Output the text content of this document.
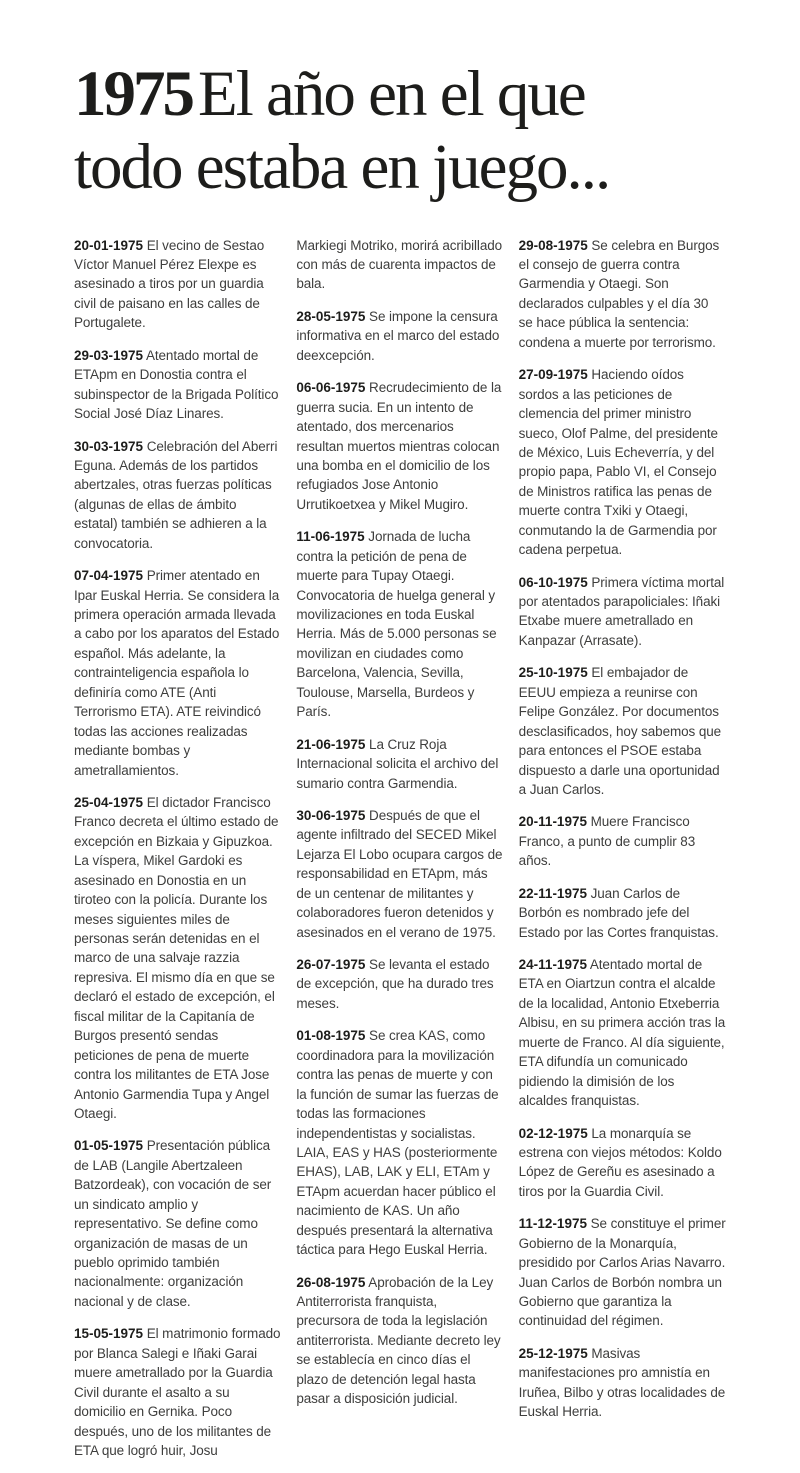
1975El año en el que
todo estaba en juego...

20-01-1975 El vecino de Sestao Víctor Manuel Pérez Elexpe es asesinado a tiros por un guardia civil de paisano en las calles de Portugalete.

29-03-1975 Atentado mortal de ETApm en Donostia contra el subinspector de la Brigada Político Social José Díaz Linares.

30-03-1975 Celebración del Aberri Eguna. Además de los partidos abertzales, otras fuerzas políticas (algunas de ellas de ámbito estatal) también se adhieren a la convocatoria.

07-04-1975 Primer atentado en Ipar Euskal Herria. Se considera la primera operación armada llevada a cabo por los aparatos del Estado español. Más adelante, la contrainteligencia española lo definiría como ATE (Anti Terrorismo ETA). ATE reivindicó todas las acciones realizadas mediante bombas y ametrallamientos.

25-04-1975 El dictador Francisco Franco decreta el último estado de excepción en Bizkaia y Gipuzkoa. La víspera, Mikel Gardoki es asesinado en Donostia en un tiroteo con la policía. Durante los meses siguientes miles de personas serán detenidas en el marco de una salvaje razzia represiva. El mismo día en que se declaró el estado de excepción, el fiscal militar de la Capitanía de Burgos presentó sendas peticiones de pena de muerte contra los militantes de ETA Jose Antonio Garmendia Tupa y Angel Otaegi.

01-05-1975 Presentación pública de LAB (Langile Abertzaleen Batzordeak), con vocación de ser un sindicato amplio y representativo. Se define como organización de masas de un pueblo oprimido también nacionalmente: organización nacional y de clase.

15-05-1975 El matrimonio formado por Blanca Salegi e Iñaki Garai muere ametrallado por la Guardia Civil durante el asalto a su domicilio en Gernika. Poco después, uno de los militantes de ETA que logró huir, Josu

Markiegi Motriko, morirá acribillado con más de cuarenta impactos de bala.

28-05-1975 Se impone la censura informativa en el marco del estado deexcepción.

06-06-1975 Recrudecimiento de la guerra sucia. En un intento de atentado, dos mercenarios resultan muertos mientras colocan una bomba en el domicilio de los refugiados Jose Antonio Urrutikoetxea y Mikel Mugiro.

11-06-1975 Jornada de lucha contra la petición de pena de muerte para Tupay Otaegi. Convocatoria de huelga general y movilizaciones en toda Euskal Herria. Más de 5.000 personas se movilizan en ciudades como Barcelona, Valencia, Sevilla, Toulouse, Marsella, Burdeos y París.

21-06-1975 La Cruz Roja Internacional solicita el archivo del sumario contra Garmendia.

30-06-1975 Después de que el agente infiltrado del SECED Mikel Lejarza El Lobo ocupara cargos de responsabilidad en ETApm, más de un centenar de militantes y colaboradores fueron detenidos y asesinados en el verano de 1975.

26-07-1975 Se levanta el estado de excepción, que ha durado tres meses.

01-08-1975 Se crea KAS, como coordinadora para la movilización contra las penas de muerte y con la función de sumar las fuerzas de todas las formaciones independentistas y socialistas. LAIA, EAS y HAS (posteriormente EHAS), LAB, LAK y ELI, ETAm y ETApm acuerdan hacer público el nacimiento de KAS. Un año después presentará la alternativa táctica para Hego Euskal Herria.

26-08-1975 Aprobación de la Ley Antiterrorista franquista, precursora de toda la legislación antiterrorista. Mediante decreto ley se establecía en cinco días el plazo de detención legal hasta pasar a disposición judicial.

29-08-1975 Se celebra en Burgos el consejo de guerra contra Garmendia y Otaegi. Son declarados culpables y el día 30 se hace pública la sentencia: condena a muerte por terrorismo.

27-09-1975 Haciendo oídos sordos a las peticiones de clemencia del primer ministro sueco, Olof Palme, del presidente de México, Luis Echeverría, y del propio papa, Pablo VI, el Consejo de Ministros ratifica las penas de muerte contra Txiki y Otaegi, conmutando la de Garmendia por cadena perpetua.

06-10-1975 Primera víctima mortal por atentados parapoliciales: Iñaki Etxabe muere ametrallado en Kanpazar (Arrasate).

25-10-1975 El embajador de EEUU empieza a reunirse con Felipe González. Por documentos desclasificados, hoy sabemos que para entonces el PSOE estaba dispuesto a darle una oportunidad a Juan Carlos.

20-11-1975 Muere Francisco Franco, a punto de cumplir 83 años.

22-11-1975 Juan Carlos de Borbón es nombrado jefe del Estado por las Cortes franquistas.

24-11-1975 Atentado mortal de ETA en Oiartzun contra el alcalde de la localidad, Antonio Etxeberria Albisu, en su primera acción tras la muerte de Franco. Al día siguiente, ETA difundía un comunicado pidiendo la dimisión de los alcaldes franquistas.

02-12-1975 La monarquía se estrena con viejos métodos: Koldo López de Gereñu es asesinado a tiros por la Guardia Civil.

11-12-1975 Se constituye el primer Gobierno de la Monarquía, presidido por Carlos Arias Navarro. Juan Carlos de Borbón nombra un Gobierno que garantiza la continuidad del régimen.

25-12-1975 Masivas manifestaciones pro amnistía en Iruñea, Bilbo y otras localidades de Euskal Herria.
